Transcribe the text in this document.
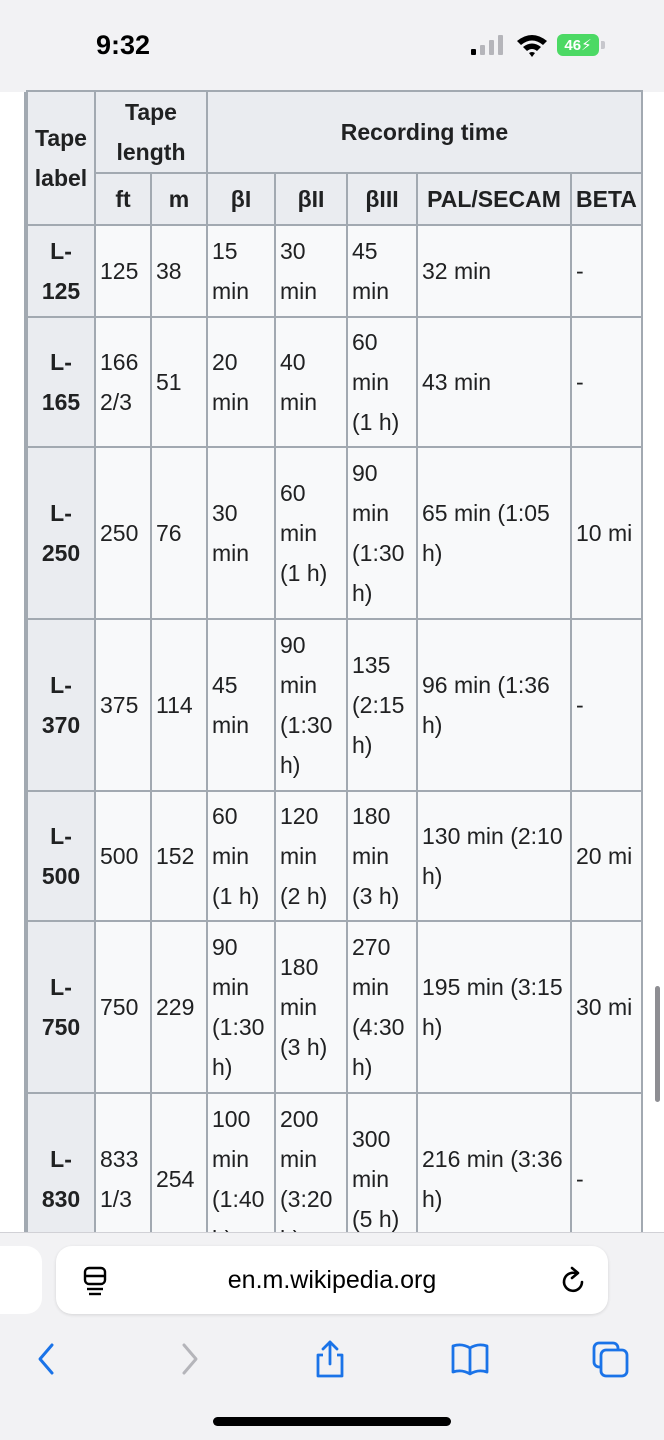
9:32	46 ⚡
Tape label	Tape length		Recording time				
	ft	m	βI	βII	βIII	PAL/SECAM	BETA
L-125	125	38	15 min	30 min	45 min	32 min	-
L-165	166 2/3	51	20 min	40 min	60 min (1 h)	43 min	-
L-250	250	76	30 min	60 min (1 h)	90 min (1:30 h)	65 min (1:05 h)	10 mi
L-370	375	114	45 min	90 min (1:30 h)	135 (2:15 h)	96 min (1:36 h)	-
L-500	500	152	60 min (1 h)	120 min (2 h)	180 min (3 h)	130 min (2:10 h)	20 mi
L-750	750	229	90 min (1:30 h)	180 min (3 h)	270 min (4:30 h)	195 min (3:15 h)	30 mi
L-830	833 1/3	254	100 min (1:40	200 min (3:20	300 min (5 h)	216 min (3:36 h)	-
en.m.wikipedia.org
